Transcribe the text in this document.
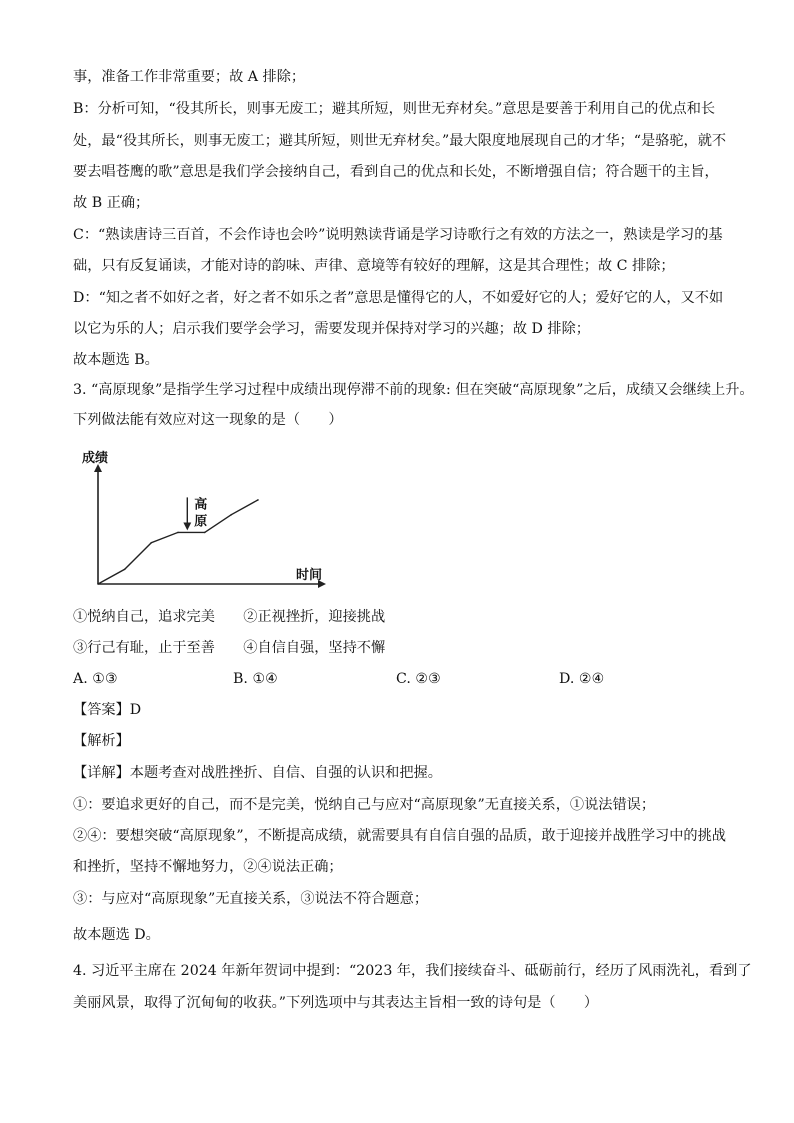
事，准备工作非常重要；故 A 排除；
B：分析可知，“役其所长，则事无废工；避其所短，则世无弃材矣。”意思是要善于利用自己的优点和长
处，最“役其所长，则事无废工；避其所短，则世无弃材矣。”最大限度地展现自己的才华；“是骆驼，就不
要去唱苍鹰的歌”意思是我们学会接纳自己，看到自己的优点和长处，不断增强自信；符合题干的主旨，
故 B 正确；
C：“熟读唐诗三百首，不会作诗也会吟”说明熟读背诵是学习诗歌行之有效的方法之一，熟读是学习的基
础，只有反复诵读，才能对诗的韵味、声律、意境等有较好的理解，这是其合理性；故 C 排除；
D：“知之者不如好之者，好之者不如乐之者”意思是懂得它的人，不如爱好它的人；爱好它的人，又不如
以它为乐的人；启示我们要学会学习，需要发现并保持对学习的兴趣；故 D 排除；
故本题选 B。
3. “高原现象”是指学生学习过程中成绩出现停滞不前的现象: 但在突破“高原现象”之后，成绩又会继续上升。
下列做法能有效应对这一现象的是（　　）
成绩
时间
高
原
①悦纳自己，追求完美　　②正视挫折，迎接挑战
③行己有耻，止于至善　　④自信自强，坚持不懈
A. ①③	B. ①④	C. ②③	D. ②④
【答案】D
【解析】
【详解】本题考查对战胜挫折、自信、自强的认识和把握。
①：要追求更好的自己，而不是完美，悦纳自己与应对“高原现象”无直接关系，①说法错误；
②④：要想突破“高原现象”，不断提高成绩，就需要具有自信自强的品质，敢于迎接并战胜学习中的挑战
和挫折，坚持不懈地努力，②④说法正确；
③：与应对“高原现象”无直接关系，③说法不符合题意；
故本题选 D。
4. 习近平主席在 2024 年新年贺词中提到：“2023 年，我们接续奋斗、砥砺前行，经历了风雨洗礼，看到了
美丽风景，取得了沉甸甸的收获。”下列选项中与其表达主旨相一致的诗句是（　　）
